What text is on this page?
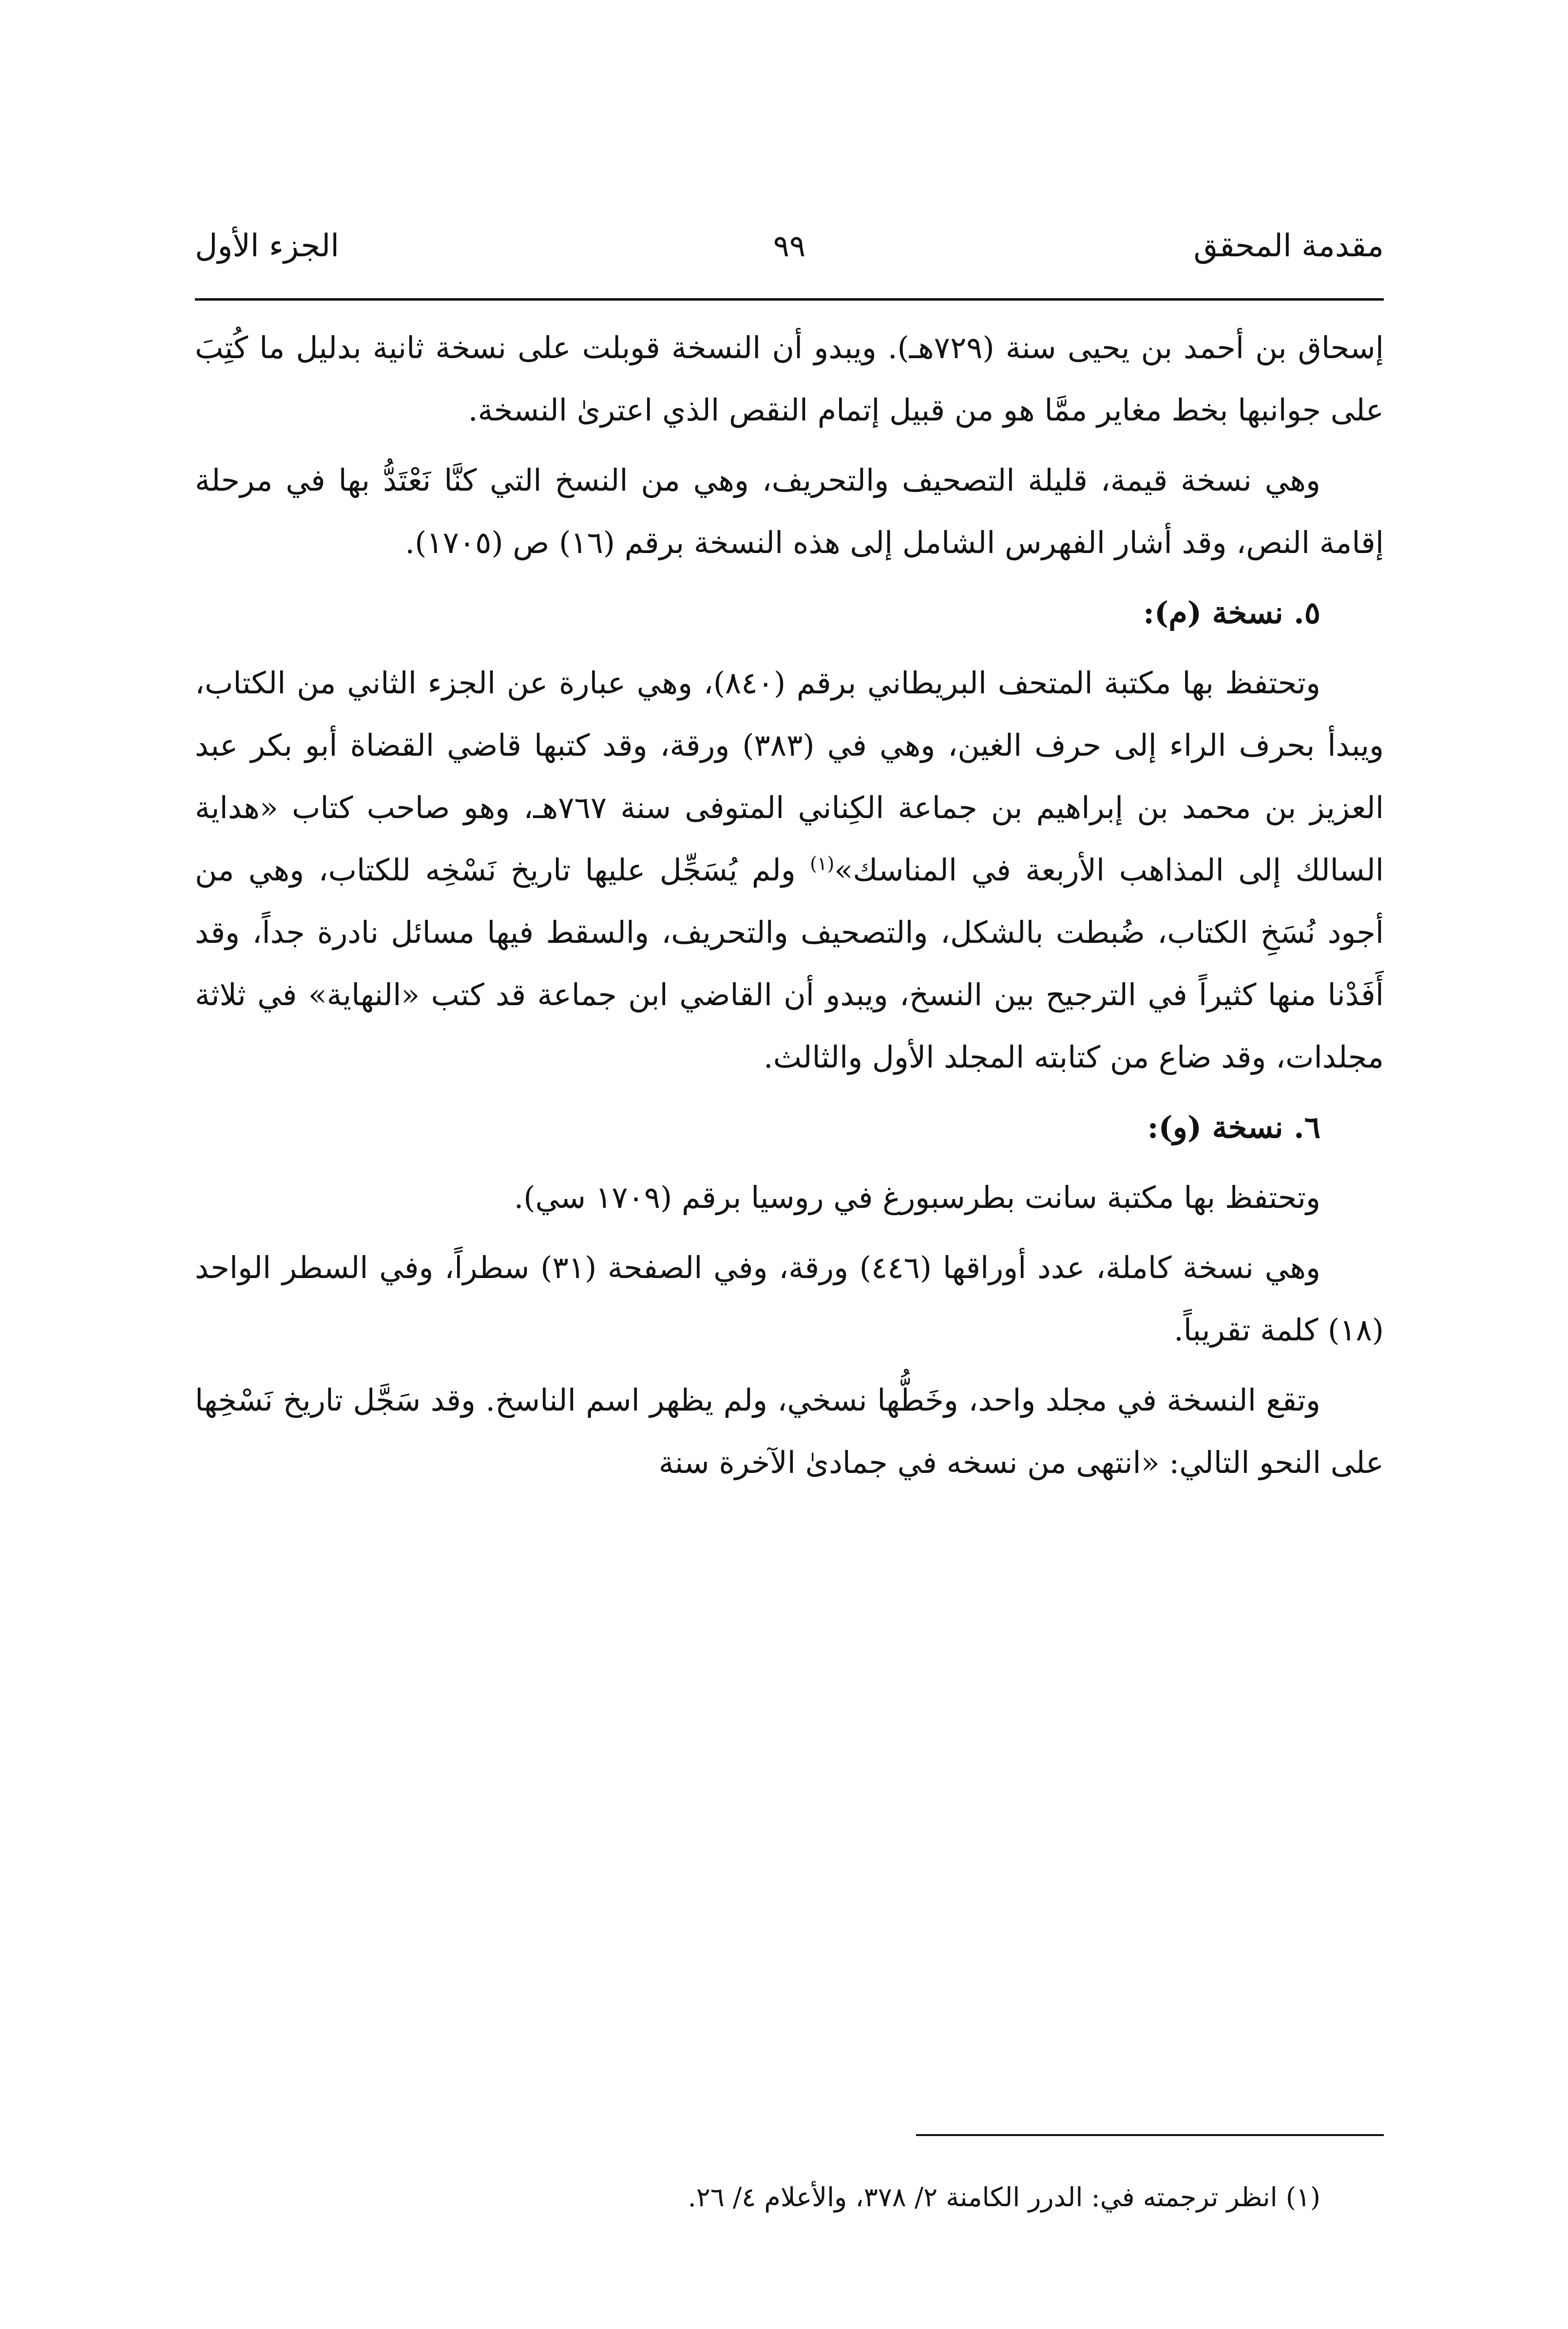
مقدمة المحقق
٩٩
الجزء الأول

إسحاق بن أحمد بن يحيى سنة (٧٢٩هـ). ويبدو أن النسخة قوبلت على نسخة ثانية بدليل ما كُتِبَ على جوانبها بخط مغاير ممَّا هو من قبيل إتمام النقص الذي اعترىٰ النسخة.

وهي نسخة قيمة، قليلة التصحيف والتحريف، وهي من النسخ التي كنَّا نَعْتَدُّ بها في مرحلة إقامة النص، وقد أشار الفهرس الشامل إلى هذه النسخة برقم (١٦) ص (١٧٠٥).

٥. نسخة (م):

وتحتفظ بها مكتبة المتحف البريطاني برقم (٨٤٠)، وهي عبارة عن الجزء الثاني من الكتاب، ويبدأ بحرف الراء إلى حرف الغين، وهي في (٣٨٣) ورقة، وقد كتبها قاضي القضاة أبو بكر عبد العزيز بن محمد بن إبراهيم بن جماعة الكِناني المتوفى سنة ٧٦٧هـ، وهو صاحب كتاب «هداية السالك إلى المذاهب الأربعة في المناسك»$^{(١)}$ ولم يُسَجِّل عليها تاريخ نَسْخِه للكتاب، وهي من أجود نُسَخِ الكتاب، ضُبطت بالشكل، والتصحيف والتحريف، والسقط فيها مسائل نادرة جداً، وقد أَفَدْنا منها كثيراً في الترجيح بين النسخ، ويبدو أن القاضي ابن جماعة قد كتب «النهاية» في ثلاثة مجلدات، وقد ضاع من كتابته المجلد الأول والثالث.

٦. نسخة (و):

وتحتفظ بها مكتبة سانت بطرسبورغ في روسيا برقم (١٧٠٩ سي).

وهي نسخة كاملة، عدد أوراقها (٤٤٦) ورقة، وفي الصفحة (٣١) سطراً، وفي السطر الواحد (١٨) كلمة تقريباً.

وتقع النسخة في مجلد واحد، وخَطُّها نسخي، ولم يظهر اسم الناسخ. وقد سَجَّل تاريخ نَسْخِها على النحو التالي: «انتهى من نسخه في جمادىٰ الآخرة سنة

(١) انظر ترجمته في: الدرر الكامنة ٢/ ٣٧٨، والأعلام ٤/ ٢٦.
